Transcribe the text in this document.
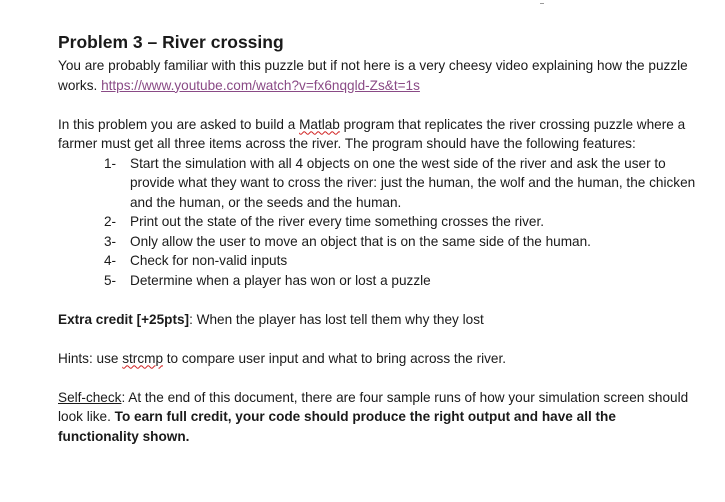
Problem 3 – River crossing

You are probably familiar with this puzzle but if not here is a very cheesy video explaining how the puzzle works. https://www.youtube.com/watch?v=fx6nqgld-Zs&t=1s

In this problem you are asked to build a Matlab program that replicates the river crossing puzzle where a farmer must get all three items across the river. The program should have the following features:

1- Start the simulation with all 4 objects on one the west side of the river and ask the user to provide what they want to cross the river: just the human, the wolf and the human, the chicken and the human, or the seeds and the human.
2- Print out the state of the river every time something crosses the river.
3- Only allow the user to move an object that is on the same side of the human.
4- Check for non-valid inputs
5- Determine when a player has won or lost a puzzle

Extra credit [+25pts]: When the player has lost tell them why they lost

Hints: use strcmp to compare user input and what to bring across the river.

Self-check: At the end of this document, there are four sample runs of how your simulation screen should look like. To earn full credit, your code should produce the right output and have all the functionality shown.
